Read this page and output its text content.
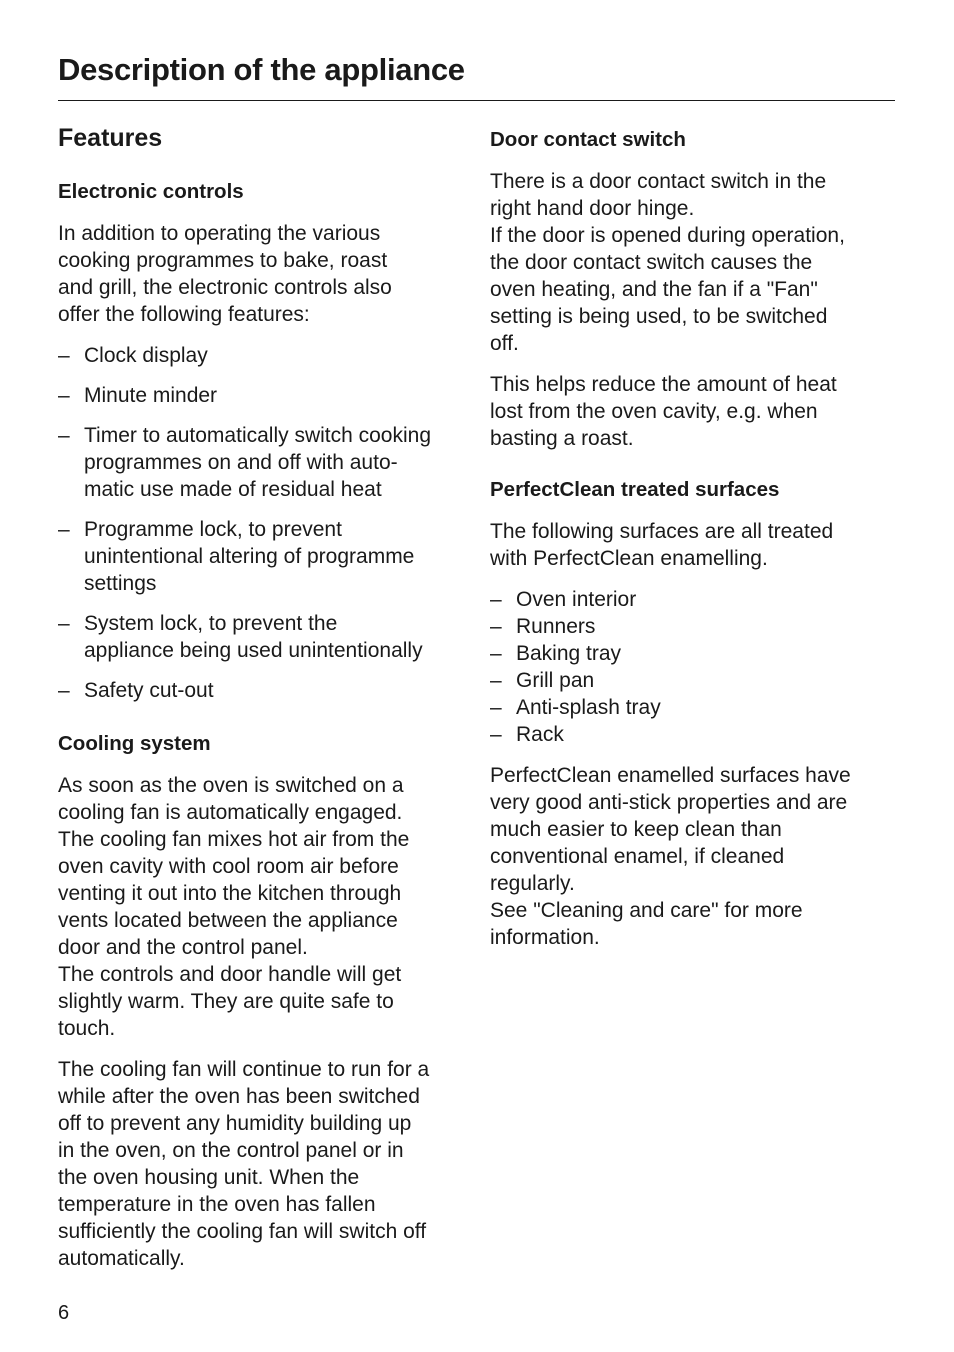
Description of the appliance
Features
Electronic controls

In addition to operating the various
cooking programmes to bake, roast
and grill, the electronic controls also
offer the following features:

– Clock display
– Minute minder
– Timer to automatically switch cooking
programmes on and off with auto-
matic use made of residual heat
– Programme lock, to prevent
unintentional altering of programme
settings
– System lock, to prevent the
appliance being used unintentionally
– Safety cut-out
Cooling system

As soon as the oven is switched on a
cooling fan is automatically engaged.
The cooling fan mixes hot air from the
oven cavity with cool room air before
venting it out into the kitchen through
vents located between the appliance
door and the control panel.
The controls and door handle will get
slightly warm. They are quite safe to
touch.

The cooling fan will continue to run for a
while after the oven has been switched
off to prevent any humidity building up
in the oven, on the control panel or in
the oven housing unit. When the
temperature in the oven has fallen
sufficiently the cooling fan will switch off
automatically.

Door contact switch

There is a door contact switch in the
right hand door hinge.
If the door is opened during operation,
the door contact switch causes the
oven heating, and the fan if a "Fan"
setting is being used, to be switched
off.

This helps reduce the amount of heat
lost from the oven cavity, e.g. when
basting a roast.

PerfectClean treated surfaces

The following surfaces are all treated
with PerfectClean enamelling.

– Oven interior
– Runners
– Baking tray
– Grill pan
– Anti-splash tray
– Rack

PerfectClean enamelled surfaces have
very good anti-stick properties and are
much easier to keep clean than
conventional enamel, if cleaned
regularly.
See "Cleaning and care" for more
information.

6
